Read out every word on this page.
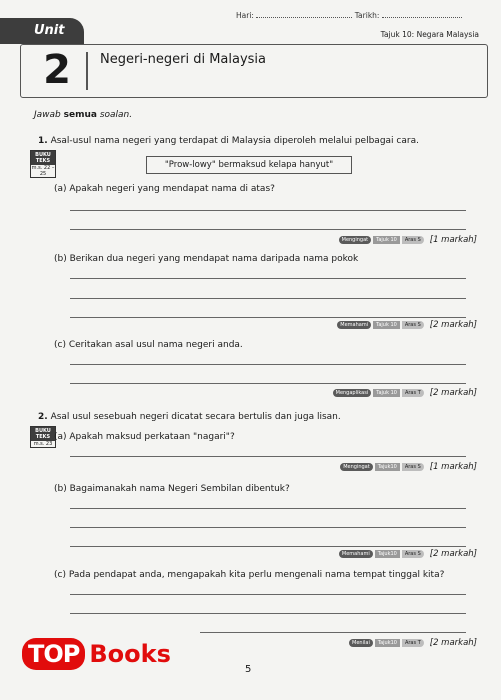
Unit
Hari:	Tarikh:
Tajuk 10: Negara Malaysia
2	Negeri-negeri di Malaysia
Jawab semua soalan.
1. Asal-usul nama negeri yang terdapat di Malaysia diperoleh melalui pelbagai cara.
BUKU
TEKS
m.s. 22 – 25
"Prow-lowy" bermaksud kelapa hanyut"
(a) Apakah negeri yang mendapat nama di atas?
Mengingat	Tajuk 10	Aras S	[1 markah]
(b) Berikan dua negeri yang mendapat nama daripada nama pokok
Memahami	Tajuk 10	Aras S	[2 markah]
(c) Ceritakan asal usul nama negeri anda.
Mengaplikasi	Tajuk 10	Aras T	[2 markah]
2. Asal usul sesebuah negeri dicatat secara bertulis dan juga lisan.
BUKU
TEKS
m.s. 23
(a) Apakah maksud perkataan "nagari"?
Mengingat	Tajuk10	Aras S	[1 markah]
(b) Bagaimanakah nama Negeri Sembilan dibentuk?
Memahami	Tajuk10	Aras S	[2 markah]
(c) Pada pendapat anda, mengapakah kita perlu mengenali nama tempat tinggal kita?
Menilai	Tajuk10	Aras T	[2 markah]
TOP Books
5
